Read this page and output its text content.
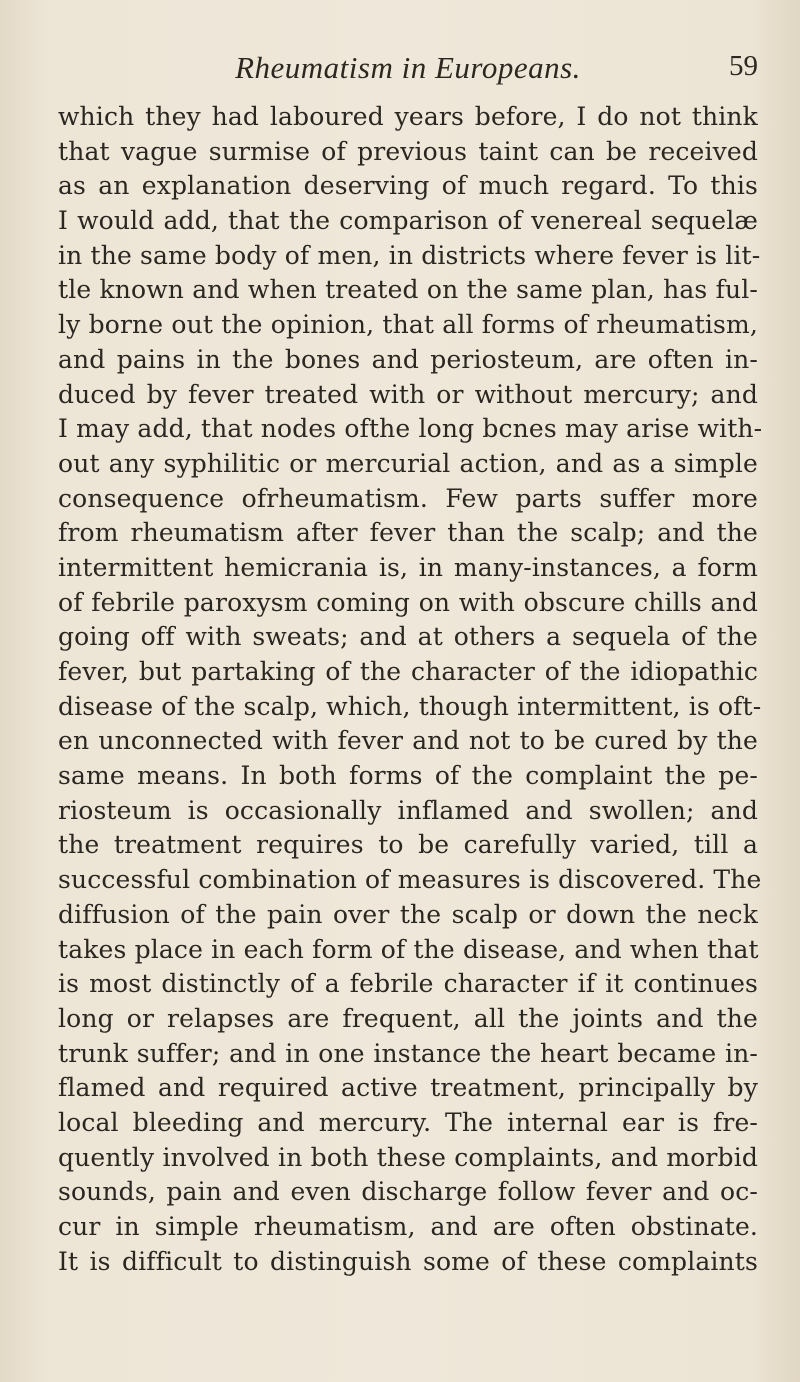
Rheumatism in Europeans.	59
which they had laboured years before, I do not think
that vague surmise of previous taint can be received
as an explanation deserving of much regard. To this
I would add, that the comparison of venereal sequelæ
in the same body of men, in districts where fever is lit-
tle known and when treated on the same plan, has ful-
ly borne out the opinion, that all forms of rheumatism,
and pains in the bones and periosteum, are often in-
duced by fever treated with or without mercury; and
I may add, that nodes ofthe long bcnes may arise with-
out any syphilitic or mercurial action, and as a simple
consequence ofrheumatism. Few parts suffer more
from rheumatism after fever than the scalp; and the
intermittent hemicrania is, in many-instances, a form
of febrile paroxysm coming on with obscure chills and
going off with sweats; and at others a sequela of the
fever, but partaking of the character of the idiopathic
disease of the scalp, which, though intermittent, is oft-
en unconnected with fever and not to be cured by the
same means. In both forms of the complaint the pe-
riosteum is occasionally inflamed and swollen; and
the treatment requires to be carefully varied, till a
successful combination of measures is discovered. The
diffusion of the pain over the scalp or down the neck
takes place in each form of the disease, and when that
is most distinctly of a febrile character if it continues
long or relapses are frequent, all the joints and the
trunk suffer; and in one instance the heart became in-
flamed and required active treatment, principally by
local bleeding and mercury. The internal ear is fre-
quently involved in both these complaints, and morbid
sounds, pain and even discharge follow fever and oc-
cur in simple rheumatism, and are often obstinate.
It is difficult to distinguish some of these complaints
